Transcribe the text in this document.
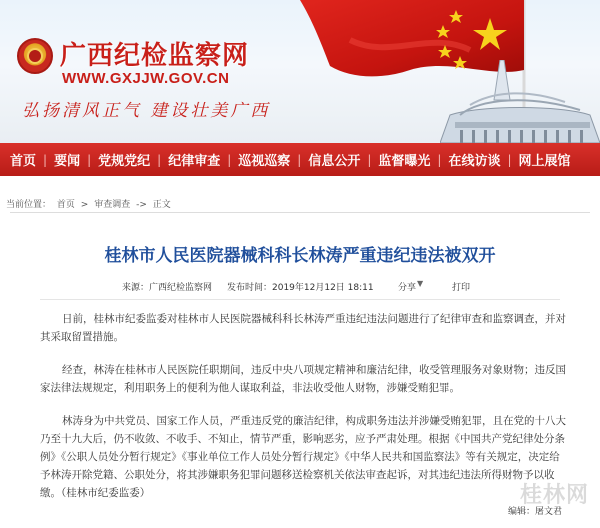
广西纪检监察网
WWW.GXJJW.GOV.CN
弘扬清风正气 建设壮美广西
首页 | 要闻 | 党规党纪 | 纪律审查 | 巡视巡察 | 信息公开 | 监督曝光 | 在线访谈 | 网上展馆
当前位置： 首页 > 审查调查 -> 正文
桂林市人民医院器械科科长林涛严重违纪违法被双开
来源：广西纪检监察网 发布时间：2019年12月12日 18:11	分享 ▼	打印

日前，桂林市纪委监委对桂林市人民医院器械科科长林涛严重违纪违法问题进行了纪律审查和监察调查，并对其采取留置措施。

经查，林涛在桂林市人民医院任职期间，违反中央八项规定精神和廉洁纪律，收受管理服务对象财物；违反国家法律法规规定，利用职务上的便利为他人谋取利益，非法收受他人财物，涉嫌受贿犯罪。

林涛身为中共党员、国家工作人员，严重违反党的廉洁纪律，构成职务违法并涉嫌受贿犯罪，且在党的十八大乃至十九大后，仍不收敛、不收手、不知止，情节严重，影响恶劣，应予严肃处理。根据《中国共产党纪律处分条例》《公职人员处分暂行规定》《事业单位工作人员处分暂行规定》《中华人民共和国监察法》等有关规定，决定给予林涛开除党籍、公职处分，将其涉嫌职务犯罪问题移送检察机关依法审查起诉，对其违纪违法所得财物予以收缴。（桂林市纪委监委）	桂林网
编辑：屠文君
